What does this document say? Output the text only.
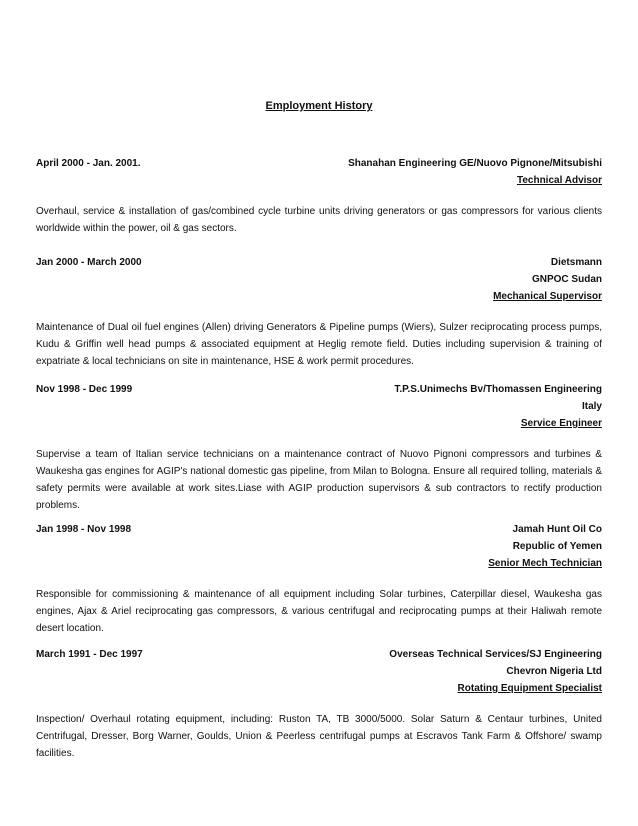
Employment History
April 2000 - Jan. 2001.	Shanahan Engineering GE/Nuovo Pignone/Mitsubishi
Technical Advisor
Overhaul, service & installation of gas/combined cycle turbine units driving generators or gas compressors for various clients worldwide within the power, oil & gas sectors.
Jan 2000 - March 2000	Dietsmann
GNPOC Sudan
Mechanical Supervisor
Maintenance of Dual oil fuel engines (Allen) driving Generators & Pipeline pumps (Wiers), Sulzer reciprocating process pumps, Kudu & Griffin well head pumps & associated equipment at Heglig remote field. Duties including supervision & training of expatriate & local technicians on site in maintenance, HSE & work permit procedures.
Nov 1998 - Dec 1999	T.P.S.Unimechs Bv/Thomassen Engineering
Italy
Service Engineer
Supervise a team of Italian service technicians on a maintenance contract of Nuovo Pignoni compressors and turbines & Waukesha gas engines for AGIP's national domestic gas pipeline, from Milan to Bologna. Ensure all required tolling, materials & safety permits were available at work sites.Liase with AGIP production supervisors & sub contractors to rectify production problems.
Jan 1998 - Nov 1998	Jamah Hunt Oil Co
Republic of Yemen
Senior Mech Technician
Responsible for commissioning & maintenance of all equipment including Solar turbines, Caterpillar diesel, Waukesha gas engines, Ajax & Ariel reciprocating gas compressors, & various centrifugal and reciprocating pumps at their Haliwah remote desert location.
March 1991 - Dec 1997	Overseas Technical Services/SJ Engineering
Chevron Nigeria Ltd
Rotating Equipment Specialist
Inspection/ Overhaul rotating equipment, including: Ruston TA, TB 3000/5000. Solar Saturn & Centaur turbines, United Centrifugal, Dresser, Borg Warner, Goulds, Union & Peerless centrifugal pumps at Escravos Tank Farm & Offshore/ swamp facilities.
